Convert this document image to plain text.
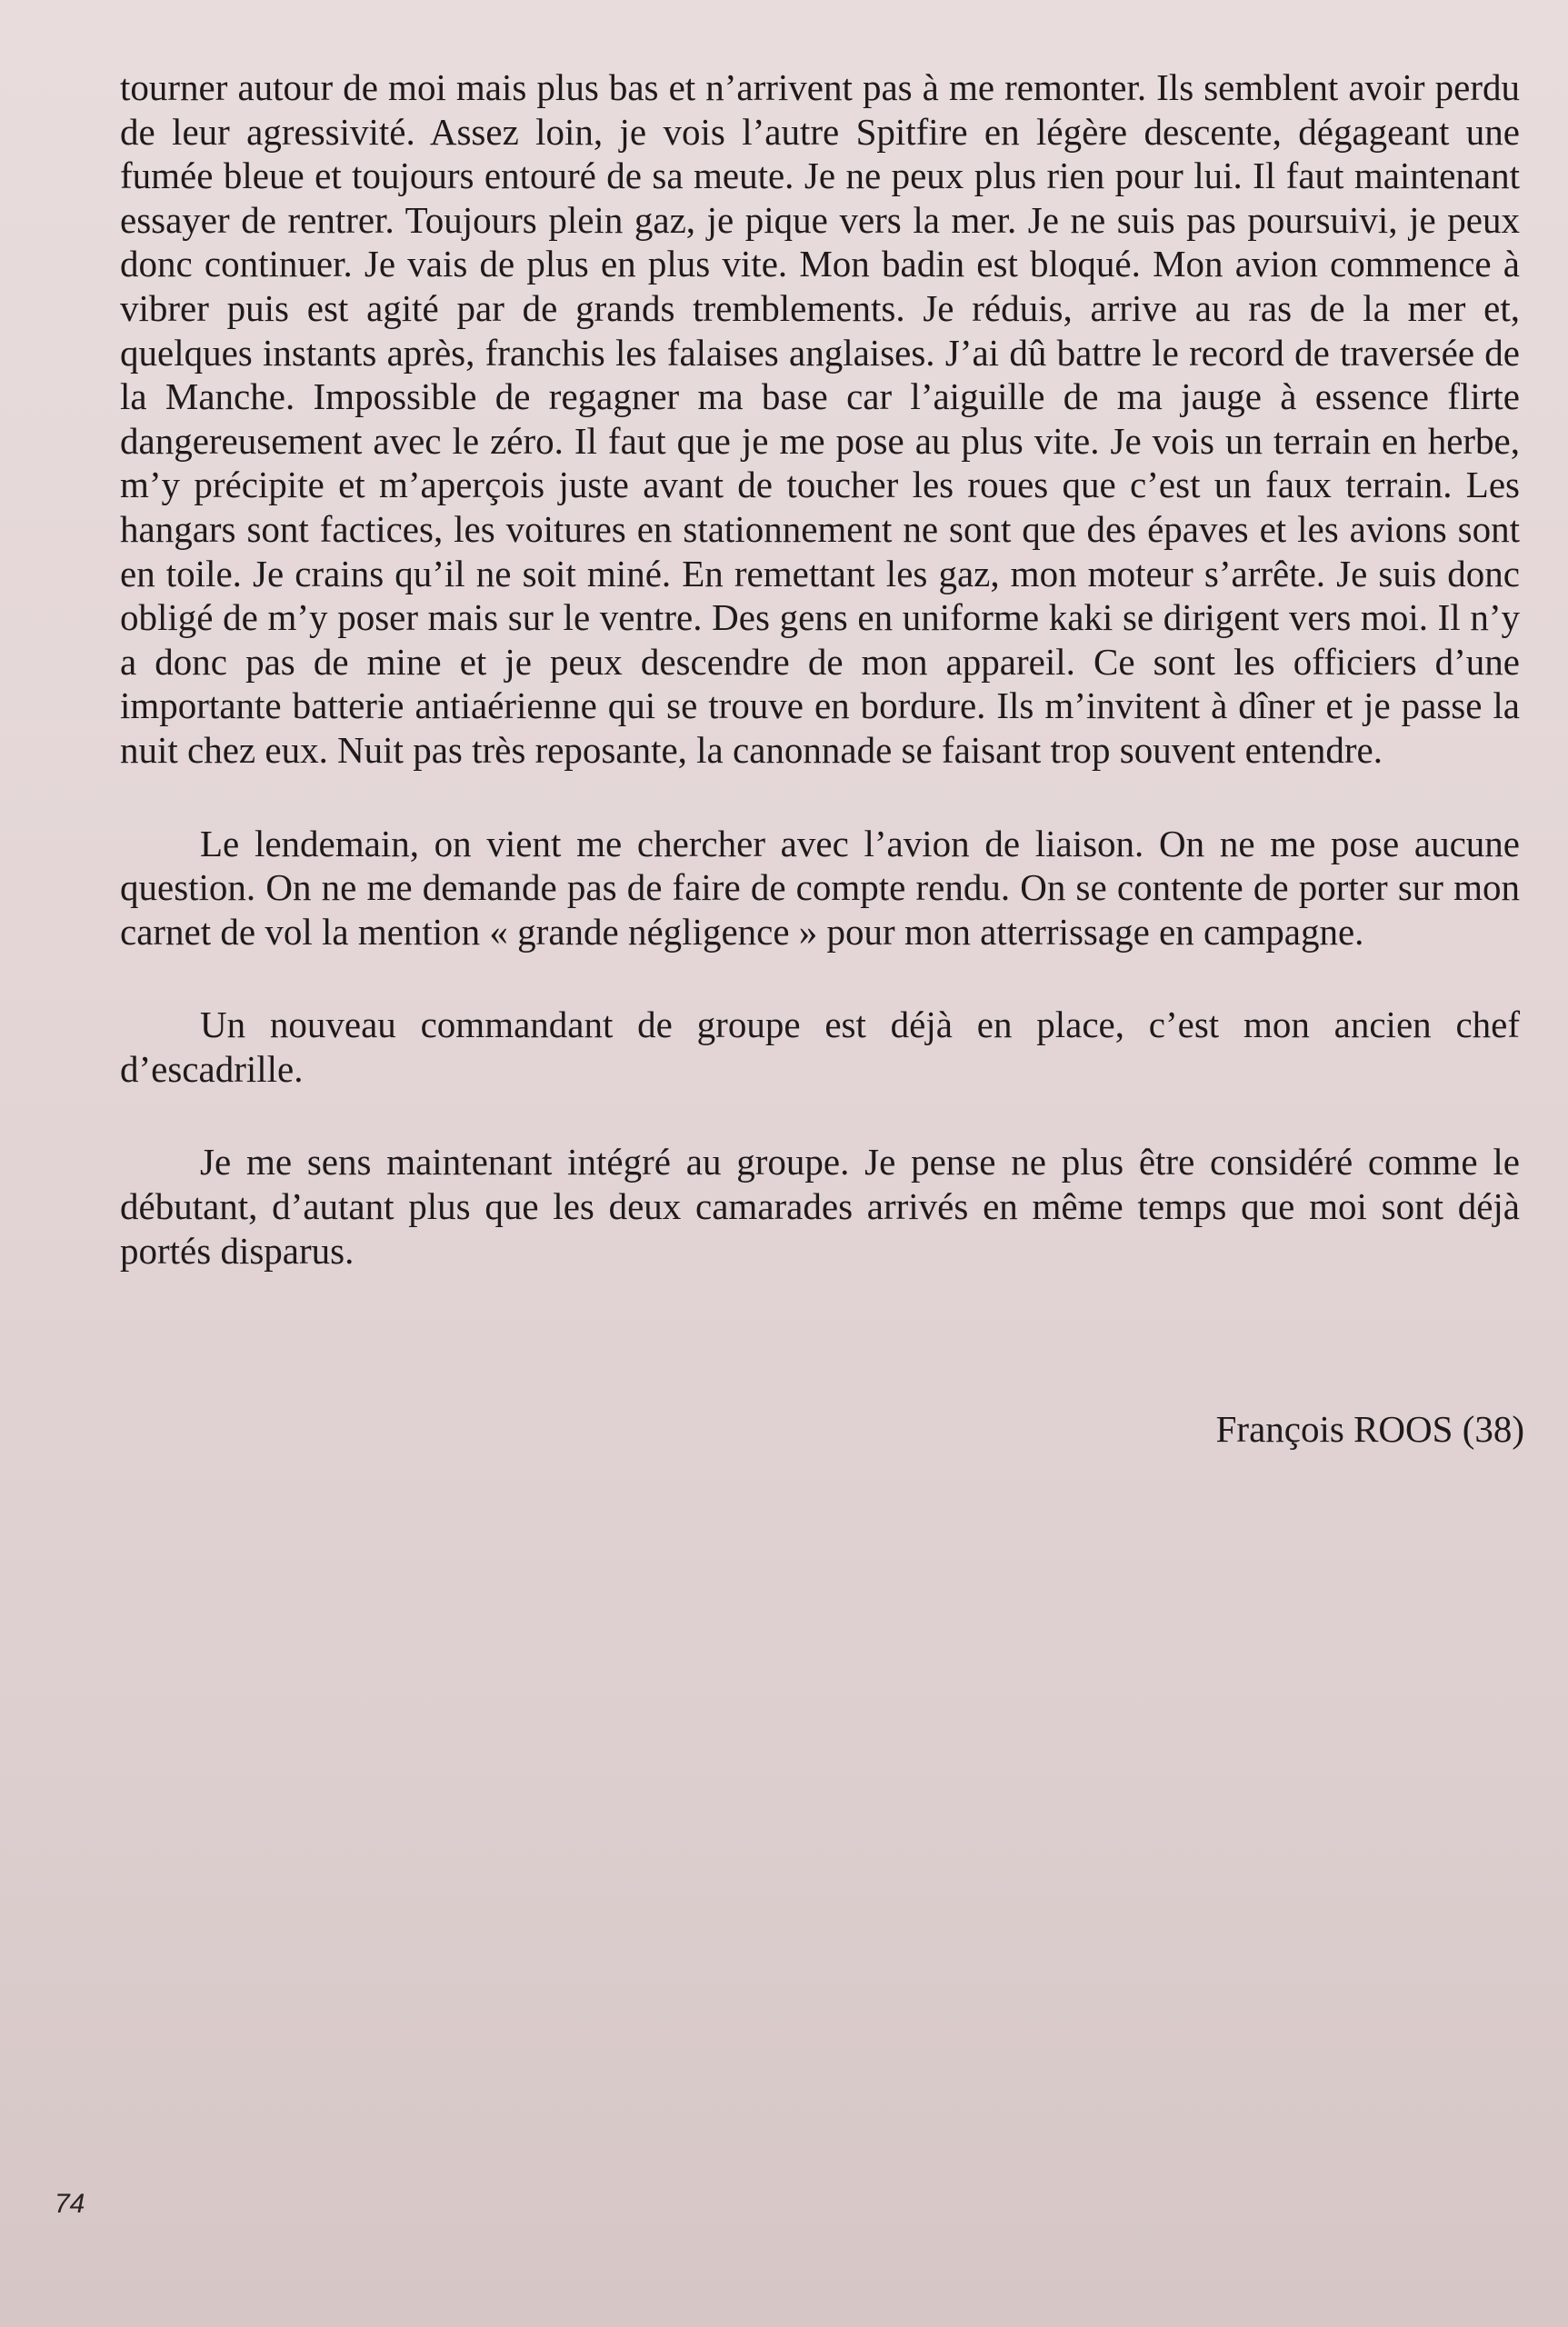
tourner autour de moi mais plus bas et n’arrivent pas à me remonter. Ils semblent avoir perdu de leur agressivité. Assez loin, je vois l’autre Spitfire en légère descente, dégageant une fumée bleue et toujours entouré de sa meute. Je ne peux plus rien pour lui. Il faut maintenant essayer de rentrer. Toujours plein gaz, je pique vers la mer. Je ne suis pas poursuivi, je peux donc continuer. Je vais de plus en plus vite. Mon badin est bloqué. Mon avion commence à vibrer puis est agité par de grands tremblements. Je réduis, arrive au ras de la mer et, quelques instants après, franchis les falaises anglaises. J’ai dû battre le record de traversée de la Manche. Impossible de regagner ma base car l’aiguille de ma jauge à essence flirte dangereusement avec le zéro. Il faut que je me pose au plus vite. Je vois un terrain en herbe, m’y précipite et m’aperçois juste avant de toucher les roues que c’est un faux terrain. Les hangars sont factices, les voitures en stationnement ne sont que des épaves et les avions sont en toile. Je crains qu’il ne soit miné. En remettant les gaz, mon moteur s’arrête. Je suis donc obligé de m’y poser mais sur le ventre. Des gens en uniforme kaki se dirigent vers moi. Il n’y a donc pas de mine et je peux descendre de mon appareil. Ce sont les officiers d’une importante batterie antiaérienne qui se trouve en bordure. Ils m’invitent à dîner et je passe la nuit chez eux. Nuit pas très reposante, la canonnade se faisant trop souvent entendre.

Le lendemain, on vient me chercher avec l’avion de liaison. On ne me pose aucune question. On ne me demande pas de faire de compte rendu. On se contente de porter sur mon carnet de vol la mention « grande négligence » pour mon atterrissage en campagne.

Un nouveau commandant de groupe est déjà en place, c’est mon ancien chef d’escadrille.

Je me sens maintenant intégré au groupe. Je pense ne plus être considéré comme le débutant, d’autant plus que les deux camarades arrivés en même temps que moi sont déjà portés disparus.

François ROOS (38)
74
